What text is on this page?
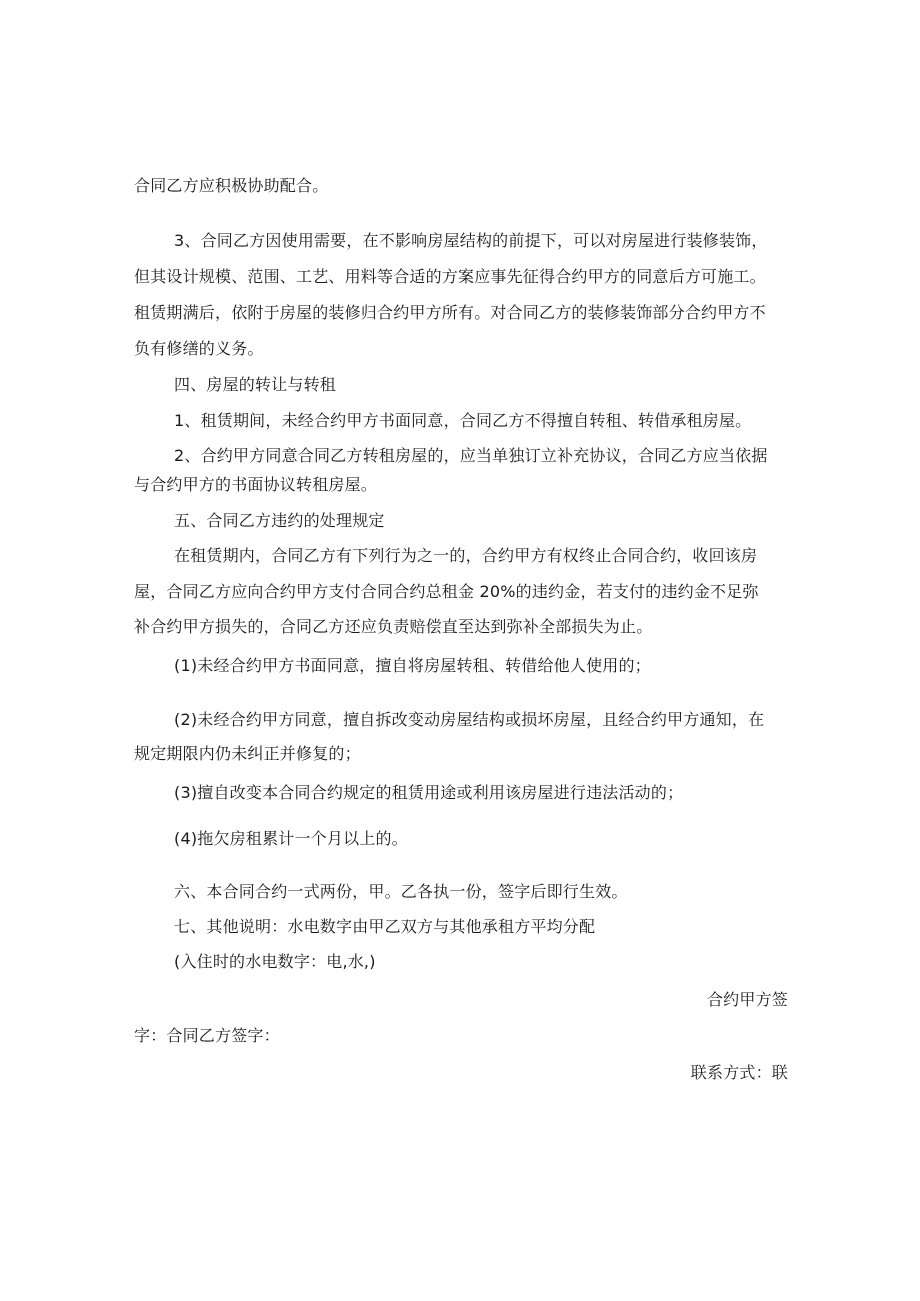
合同乙方应积极协助配合。

3、合同乙方因使用需要，在不影响房屋结构的前提下，可以对房屋进行装修装饰，

但其设计规模、范围、工艺、用料等合适的方案应事先征得合约甲方的同意后方可施工。

租赁期满后，依附于房屋的装修归合约甲方所有。对合同乙方的装修装饰部分合约甲方不

负有修缮的义务。

四、房屋的转让与转租

1、租赁期间，未经合约甲方书面同意，合同乙方不得擅自转租、转借承租房屋。

2、合约甲方同意合同乙方转租房屋的，应当单独订立补充协议，合同乙方应当依据

与合约甲方的书面协议转租房屋。

五、合同乙方违约的处理规定

在租赁期内，合同乙方有下列行为之一的，合约甲方有权终止合同合约，收回该房

屋，合同乙方应向合约甲方支付合同合约总租金 20%的违约金，若支付的违约金不足弥

补合约甲方损失的，合同乙方还应负责赔偿直至达到弥补全部损失为止。

(1)未经合约甲方书面同意，擅自将房屋转租、转借给他人使用的；

(2)未经合约甲方同意，擅自拆改变动房屋结构或损坏房屋，且经合约甲方通知，在

规定期限内仍未纠正并修复的；

(3)擅自改变本合同合约规定的租赁用途或利用该房屋进行违法活动的；

(4)拖欠房租累计一个月以上的。

六、本合同合约一式两份，甲。乙各执一份，签字后即行生效。

七、其他说明：水电数字由甲乙双方与其他承租方平均分配

(入住时的水电数字：电,水,)

合约甲方签

字：合同乙方签字：

联系方式：联
